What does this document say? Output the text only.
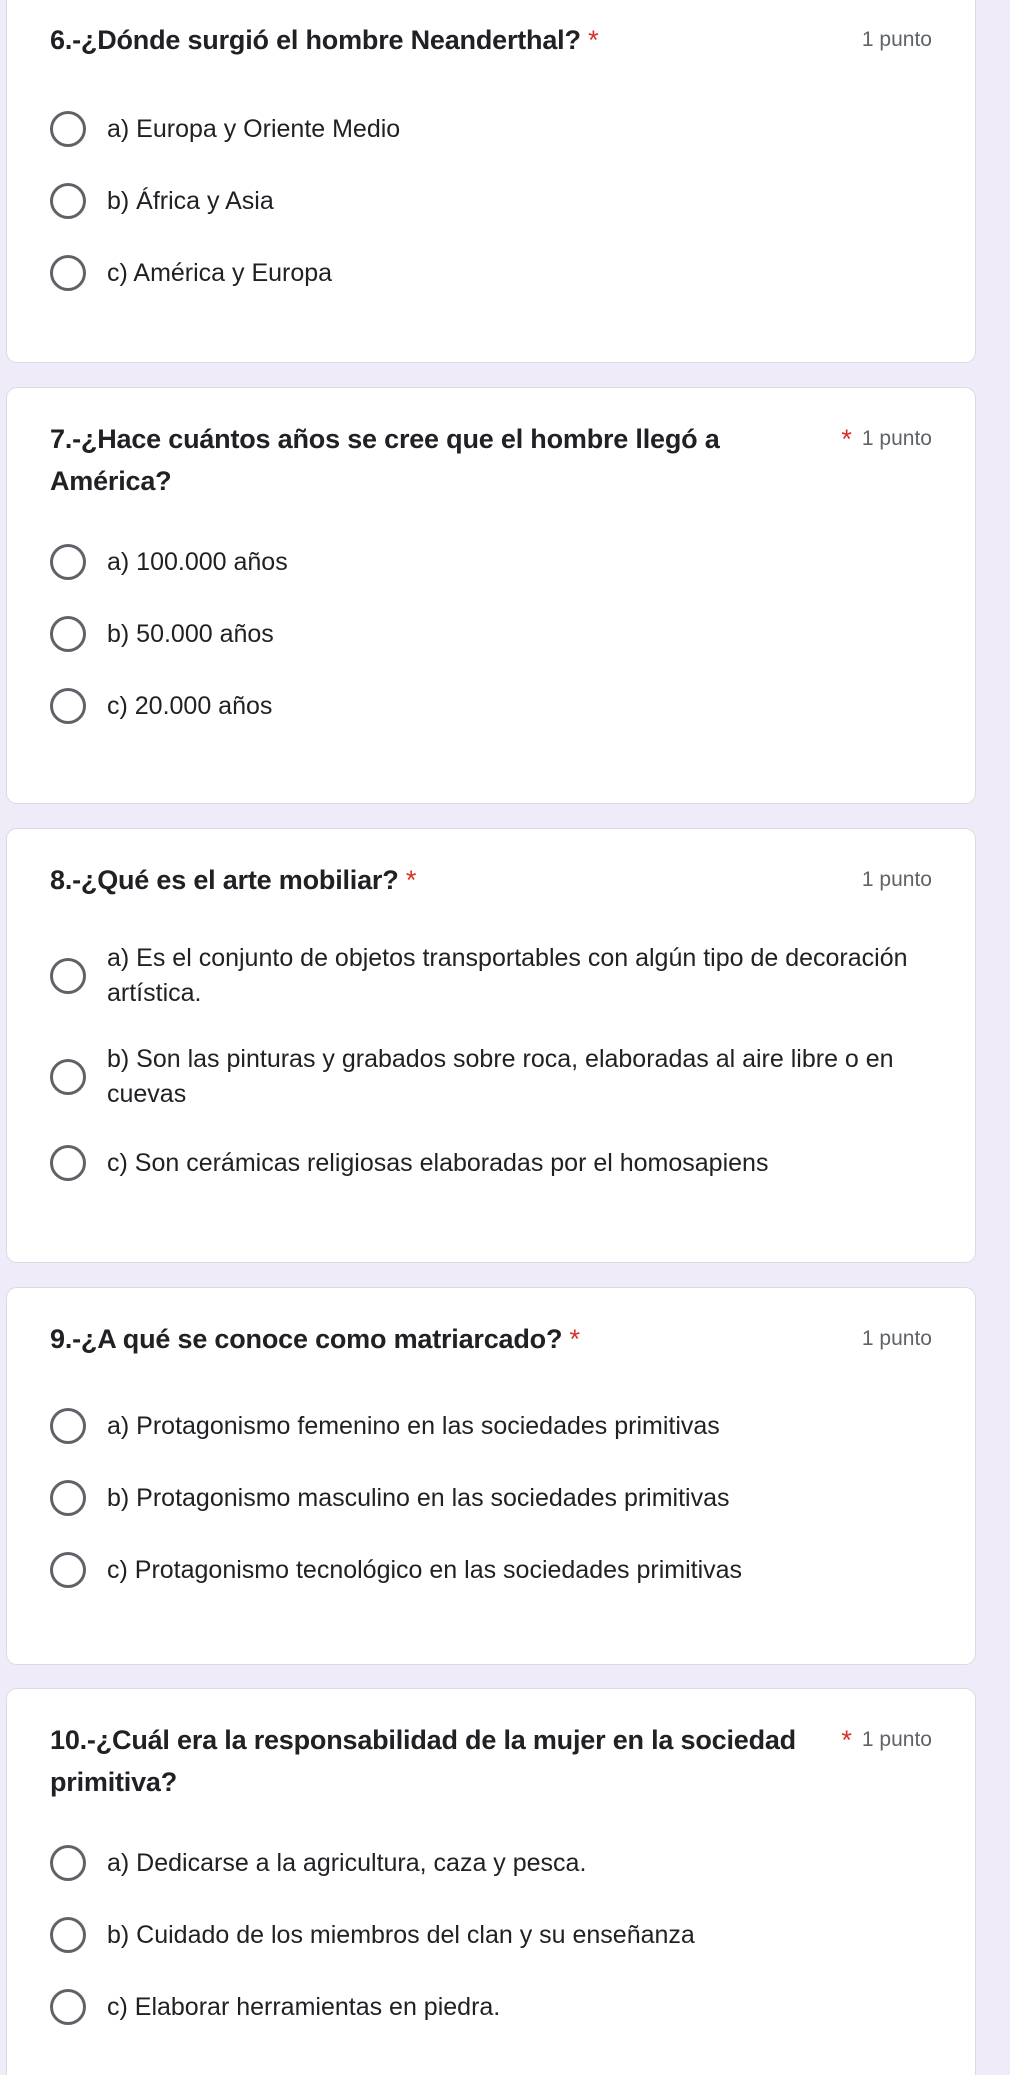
6.-¿Dónde surgió el hombre Neanderthal? *	1 punto
a) Europa y Oriente Medio
b) África y Asia
c) América y Europa
7.-¿Hace cuántos años se cree que el hombre llegó a América?
* 1 punto
a) 100.000 años
b) 50.000 años
c) 20.000 años
8.-¿Qué es el arte mobiliar? *	1 punto
a) Es el conjunto de objetos transportables con algún tipo de decoración artística.
b) Son las pinturas y grabados sobre roca, elaboradas al aire libre o en cuevas
c) Son cerámicas religiosas elaboradas por el homosapiens
9.-¿A qué se conoce como matriarcado? *	1 punto
a) Protagonismo femenino en las sociedades primitivas
b) Protagonismo masculino en las sociedades primitivas
c) Protagonismo tecnológico en las sociedades primitivas
10.-¿Cuál era la responsabilidad de la mujer en la sociedad primitiva?
* 1 punto
a) Dedicarse a la agricultura, caza y pesca.
b) Cuidado de los miembros del clan y su enseñanza
c) Elaborar herramientas en piedra.
